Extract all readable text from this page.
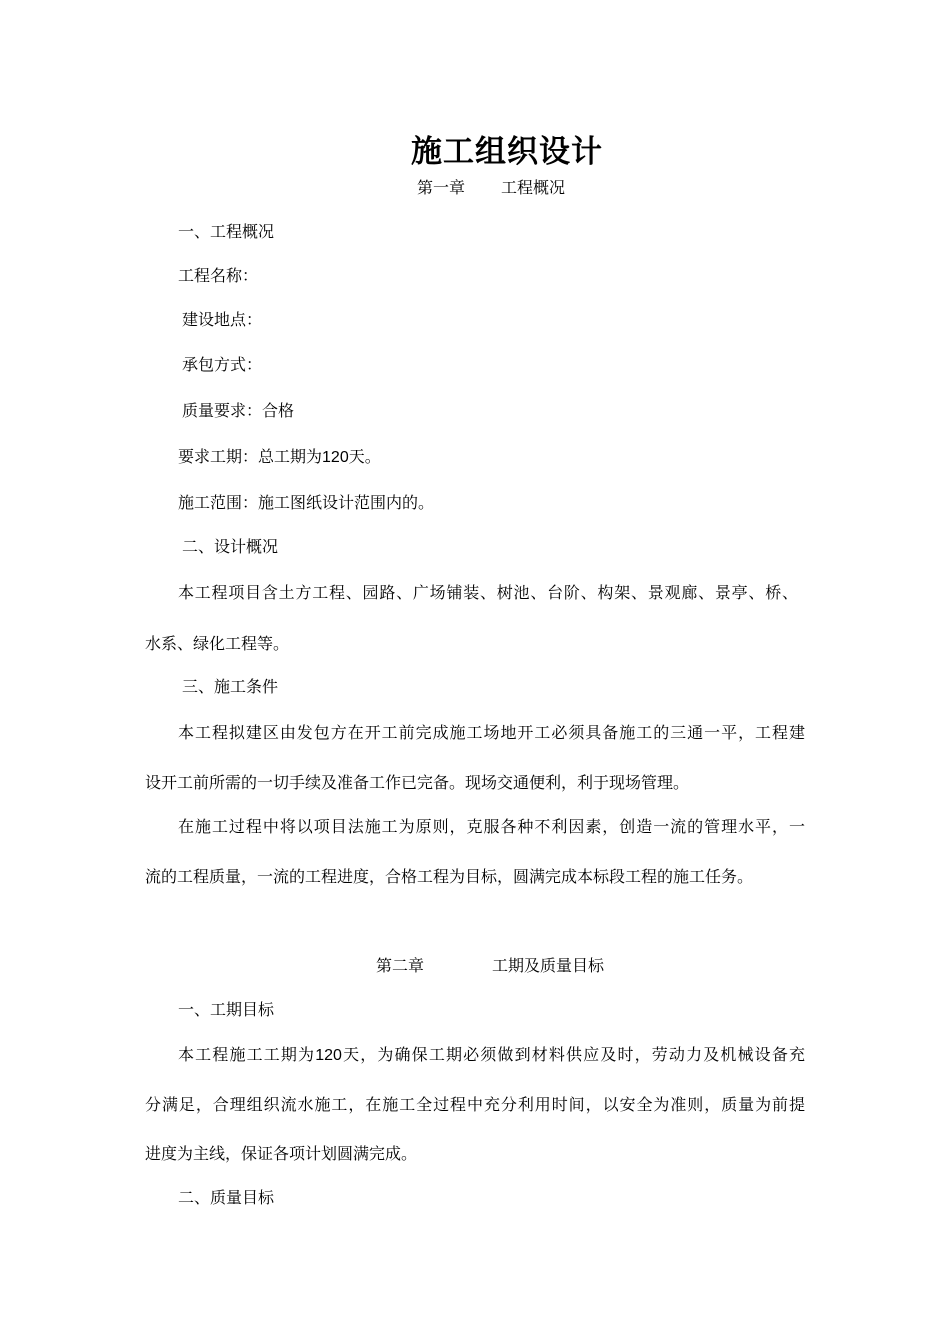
施工组织设计
第一章 工程概况
一、工程概况
工程名称：
建设地点：
承包方式：
质量要求：合格
要求工期：总工期为120天。
施工范围：施工图纸设计范围内的。
二、设计概况
本工程项目含土方工程、园路、广场铺装、树池、台阶、构架、景观廊、景亭、桥、
水系、绿化工程等。
三、施工条件
本工程拟建区由发包方在开工前完成施工场地开工必须具备施工的三通一平，工程建
设开工前所需的一切手续及准备工作已完备。现场交通便利，利于现场管理。
在施工过程中将以项目法施工为原则，克服各种不利因素，创造一流的管理水平，一
流的工程质量，一流的工程进度，合格工程为目标，圆满完成本标段工程的施工任务。
第二章	工期及质量目标
一、工期目标
本工程施工工期为120天，为确保工期必须做到材料供应及时，劳动力及机械设备充
分满足，合理组织流水施工，在施工全过程中充分利用时间，以安全为准则，质量为前提
进度为主线，保证各项计划圆满完成。
二、质量目标
